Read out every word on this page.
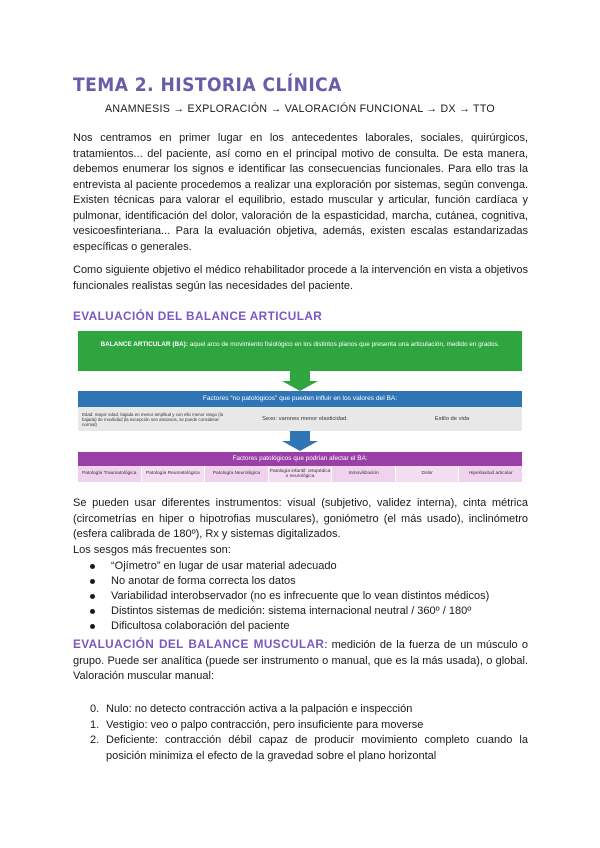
TEMA 2. HISTORIA CLÍNICA
ANAMNESIS → EXPLORACIÓN → VALORACIÓN FUNCIONAL → DX → TTO

Nos centramos en primer lugar en los antecedentes laborales, sociales, quirúrgicos, tratamientos... del paciente, así como en el principal motivo de consulta. De esta manera, debemos enumerar los signos e identificar las consecuencias funcionales. Para ello tras la entrevista al paciente procedemos a realizar una exploración por sistemas, según convenga. Existen técnicas para valorar el equilibrio, estado muscular y articular, función cardíaca y pulmonar, identificación del dolor, valoración de la espasticidad, marcha, cutánea, cognitiva, vesicoesfinteriana... Para la evaluación objetiva, además, existen escalas estandarizadas específicas o generales.

Como siguiente objetivo el médico rehabilitador procede a la intervención en vista a objetivos funcionales realistas según las necesidades del paciente.

EVALUACIÓN DEL BALANCE ARTICULAR
BALANCE ARTICULAR (BA): aquel arco de movimiento fisiológico en los distintos planos que presenta una articulación, medido en grados.
Factores “no patológicos” que pueden influir en los valores del BA:
Edad: mayor edad, bajada en menor amplitud y con ello menor rango (la bajada) de movilidad (la excepción son ancianos, se puede considerar normal)
Sexo: varones menor elasticidad.	Estilo de vida
Factores patológicos que podrían afectar el BA:
Patología Traumatológica	Patología Reumatológica	Patología Neurológica
Patología infantil: ortopédica o neurológica
Inmovilización	Dolor	Hiperlaxitud articular

Se pueden usar diferentes instrumentos: visual (subjetivo, validez interna), cinta métrica (circometrías en hiper o hipotrofias musculares), goniómetro (el más usado), inclinómetro (esfera calibrada de 180º), Rx y sistemas digitalizados.

Los sesgos más frecuentes son:

“Ojímetro” en lugar de usar material adecuado
No anotar de forma correcta los datos
Variabilidad interobservador (no es infrecuente que lo vean distintos médicos)
Distintos sistemas de medición: sistema internacional neutral / 360º / 180º
Dificultosa colaboración del paciente

EVALUACIÓN DEL BALANCE MUSCULAR: medición de la fuerza de un músculo o grupo. Puede ser analítica (puede ser instrumento o manual, que es la más usada), o global. Valoración muscular manual:

0. Nulo: no detecto contracción activa a la palpación e inspección
1. Vestigio: veo o palpo contracción, pero insuficiente para moverse
2. Deficiente: contracción débil capaz de producir movimiento completo cuando la posición minimiza el efecto de la gravedad sobre el plano horizontal
